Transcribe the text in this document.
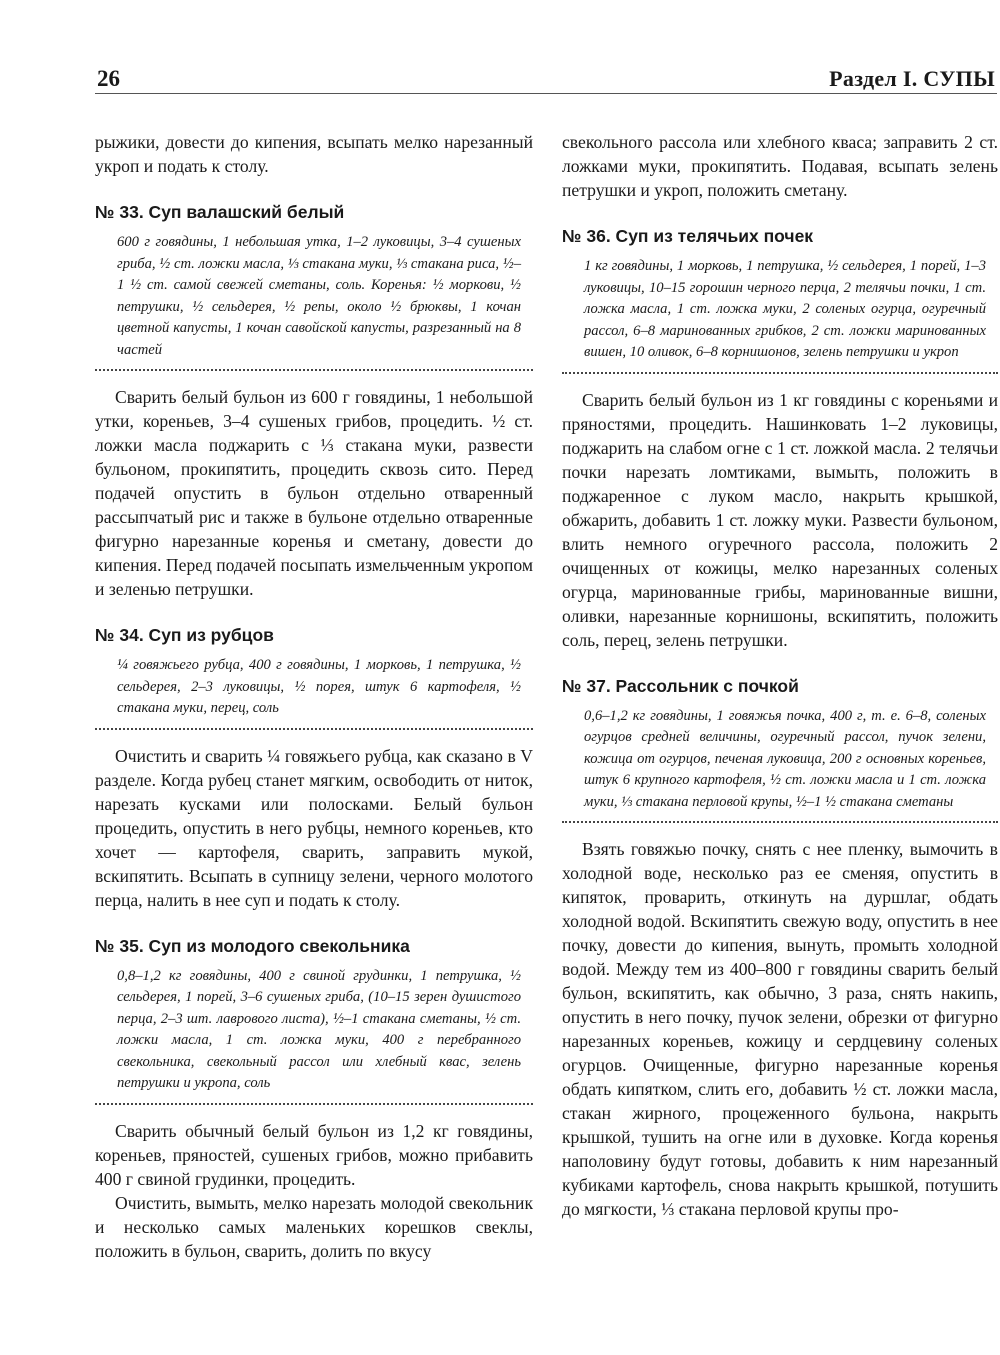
26	Раздел I. СУПЫ

рыжики, довести до кипения, всыпать мелко нарезанный укроп и подать к столу.

№ 33. Суп валашский белый
600 г говядины, 1 небольшая утка, 1–2 луковицы, 3–4 сушеных гриба, ½ ст. ложки масла, ⅓ стакана муки, ⅓ стакана риса, ½–1 ½ ст. самой свежей сметаны, соль. Коренья: ½ моркови, ½ петрушки, ½ сельдерея, ½ репы, около ½ брюквы, 1 кочан цветной капусты, 1 кочан савойской капусты, разрезанный на 8 частей

Сварить белый бульон из 600 г говядины, 1 небольшой утки, кореньев, 3–4 сушеных грибов, процедить. ½ ст. ложки масла поджарить с ⅓ стакана муки, развести бульоном, прокипятить, процедить сквозь сито. Перед подачей опустить в бульон отдельно отваренный рассыпчатый рис и также в бульоне отдельно отваренные фигурно нарезанные коренья и сметану, довести до кипения. Перед подачей посыпать измельченным укропом и зеленью петрушки.

№ 34. Суп из рубцов
¼ говяжьего рубца, 400 г говядины, 1 морковь, 1 петрушка, ½ сельдерея, 2–3 луковицы, ½ порея, штук 6 картофеля, ½ стакана муки, перец, соль

Очистить и сварить ¼ говяжьего рубца, как сказано в V разделе. Когда рубец станет мягким, освободить от ниток, нарезать кусками или полосками. Белый бульон процедить, опустить в него рубцы, немного кореньев, кто хочет — картофеля, сварить, заправить мукой, вскипятить. Всыпать в супницу зелени, черного молотого перца, налить в нее суп и подать к столу.

№ 35. Суп из молодого свекольника
0,8–1,2 кг говядины, 400 г свиной грудинки, 1 петрушка, ½ сельдерея, 1 порей, 3–6 сушеных гриба, (10–15 зерен душистого перца, 2–3 шт. лаврового листа), ½–1 стакана сметаны, ½ ст. ложки масла, 1 ст. ложка муки, 400 г перебранного свекольника, свекольный рассол или хлебный квас, зелень петрушки и укропа, соль

Сварить обычный белый бульон из 1,2 кг говядины, кореньев, пряностей, сушеных грибов, можно прибавить 400 г свиной грудинки, процедить.

Очистить, вымыть, мелко нарезать молодой свекольник и несколько самых маленьких корешков свеклы, положить в бульон, сварить, долить по вкусу

свекольного рассола или хлебного кваса; заправить 2 ст. ложками муки, прокипятить. Подавая, всыпать зелень петрушки и укроп, положить сметану.

№ 36. Суп из телячьих почек
1 кг говядины, 1 морковь, 1 петрушка, ½ сельдерея, 1 порей, 1–3 луковицы, 10–15 горошин черного перца, 2 телячьи почки, 1 ст. ложка масла, 1 ст. ложка муки, 2 соленых огурца, огуречный рассол, 6–8 маринованных грибков, 2 ст. ложки маринованных вишен, 10 оливок, 6–8 корнишонов, зелень петрушки и укроп

Сварить белый бульон из 1 кг говядины с кореньями и пряностями, процедить. Нашинковать 1–2 луковицы, поджарить на слабом огне с 1 ст. ложкой масла. 2 телячьи почки нарезать ломтиками, вымыть, положить в поджаренное с луком масло, накрыть крышкой, обжарить, добавить 1 ст. ложку муки. Развести бульоном, влить немного огуречного рассола, положить 2 очищенных от кожицы, мелко нарезанных соленых огурца, маринованные грибы, маринованные вишни, оливки, нарезанные корнишоны, вскипятить, положить соль, перец, зелень петрушки.

№ 37. Рассольник с почкой
0,6–1,2 кг говядины, 1 говяжья почка, 400 г, т. е. 6–8, соленых огурцов средней величины, огуречный рассол, пучок зелени, кожица от огурцов, печеная луковица, 200 г основных кореньев, штук 6 крупного картофеля, ½ ст. ложки масла и 1 ст. ложка муки, ⅓ стакана перловой крупы, ½–1 ½ стакана сметаны

Взять говяжью почку, снять с нее пленку, вымочить в холодной воде, несколько раз ее сменяя, опустить в кипяток, проварить, откинуть на дуршлаг, обдать холодной водой. Вскипятить свежую воду, опустить в нее почку, довести до кипения, вынуть, промыть холодной водой. Между тем из 400–800 г говядины сварить белый бульон, вскипятить, как обычно, 3 раза, снять накипь, опустить в него почку, пучок зелени, обрезки от фигурно нарезанных кореньев, кожицу и сердцевину соленых огурцов. Очищенные, фигурно нарезанные коренья обдать кипятком, слить его, добавить ½ ст. ложки масла, стакан жирного, процеженного бульона, накрыть крышкой, тушить на огне или в духовке. Когда коренья наполовину будут готовы, добавить к ним нарезанный кубиками картофель, снова накрыть крышкой, потушить до мягкости, ⅓ стакана перловой крупы про-
